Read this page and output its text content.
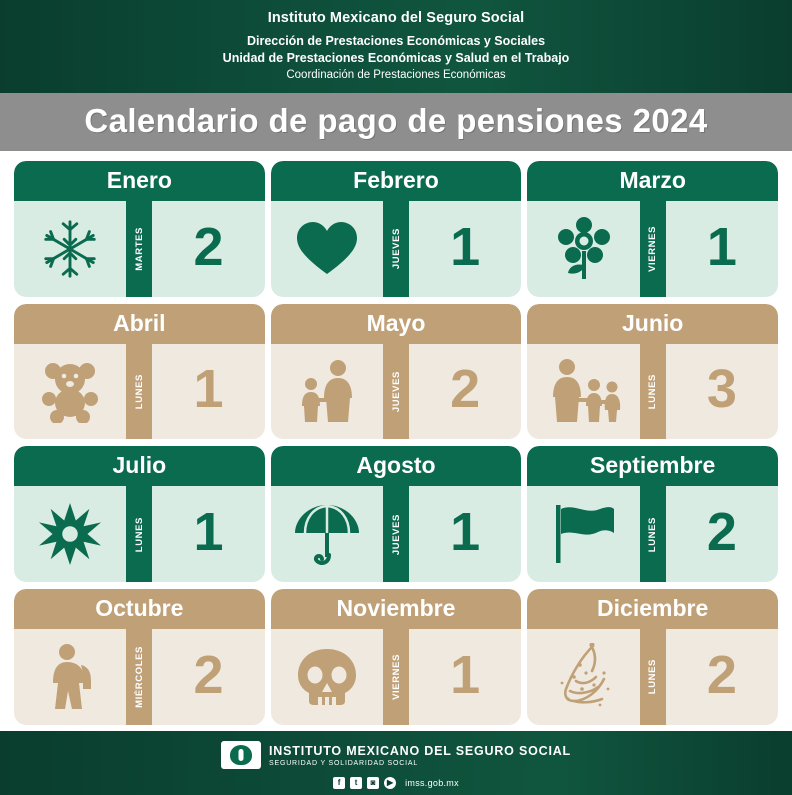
Instituto Mexicano del Seguro Social
Dirección de Prestaciones Económicas y Sociales
Unidad de Prestaciones Económicas y Salud en el Trabajo
Coordinación de Prestaciones Económicas
Calendario de pago de pensiones 2024
Enero
MARTES 2
Febrero
JUEVES 1
Marzo
VIERNES 1
Abril
LUNES 1
Mayo
JUEVES 2
Junio
LUNES 3
Julio
LUNES 1
Agosto
JUEVES 1
Septiembre
LUNES 2
Octubre
MIÉRCOLES 2
Noviembre
VIERNES 1
Diciembre
LUNES 2
INSTITUTO MEXICANO DEL SEGURO SOCIAL
SEGURIDAD Y SOLIDARIDAD SOCIAL
f	t	◙	▶	imss.gob.mx
